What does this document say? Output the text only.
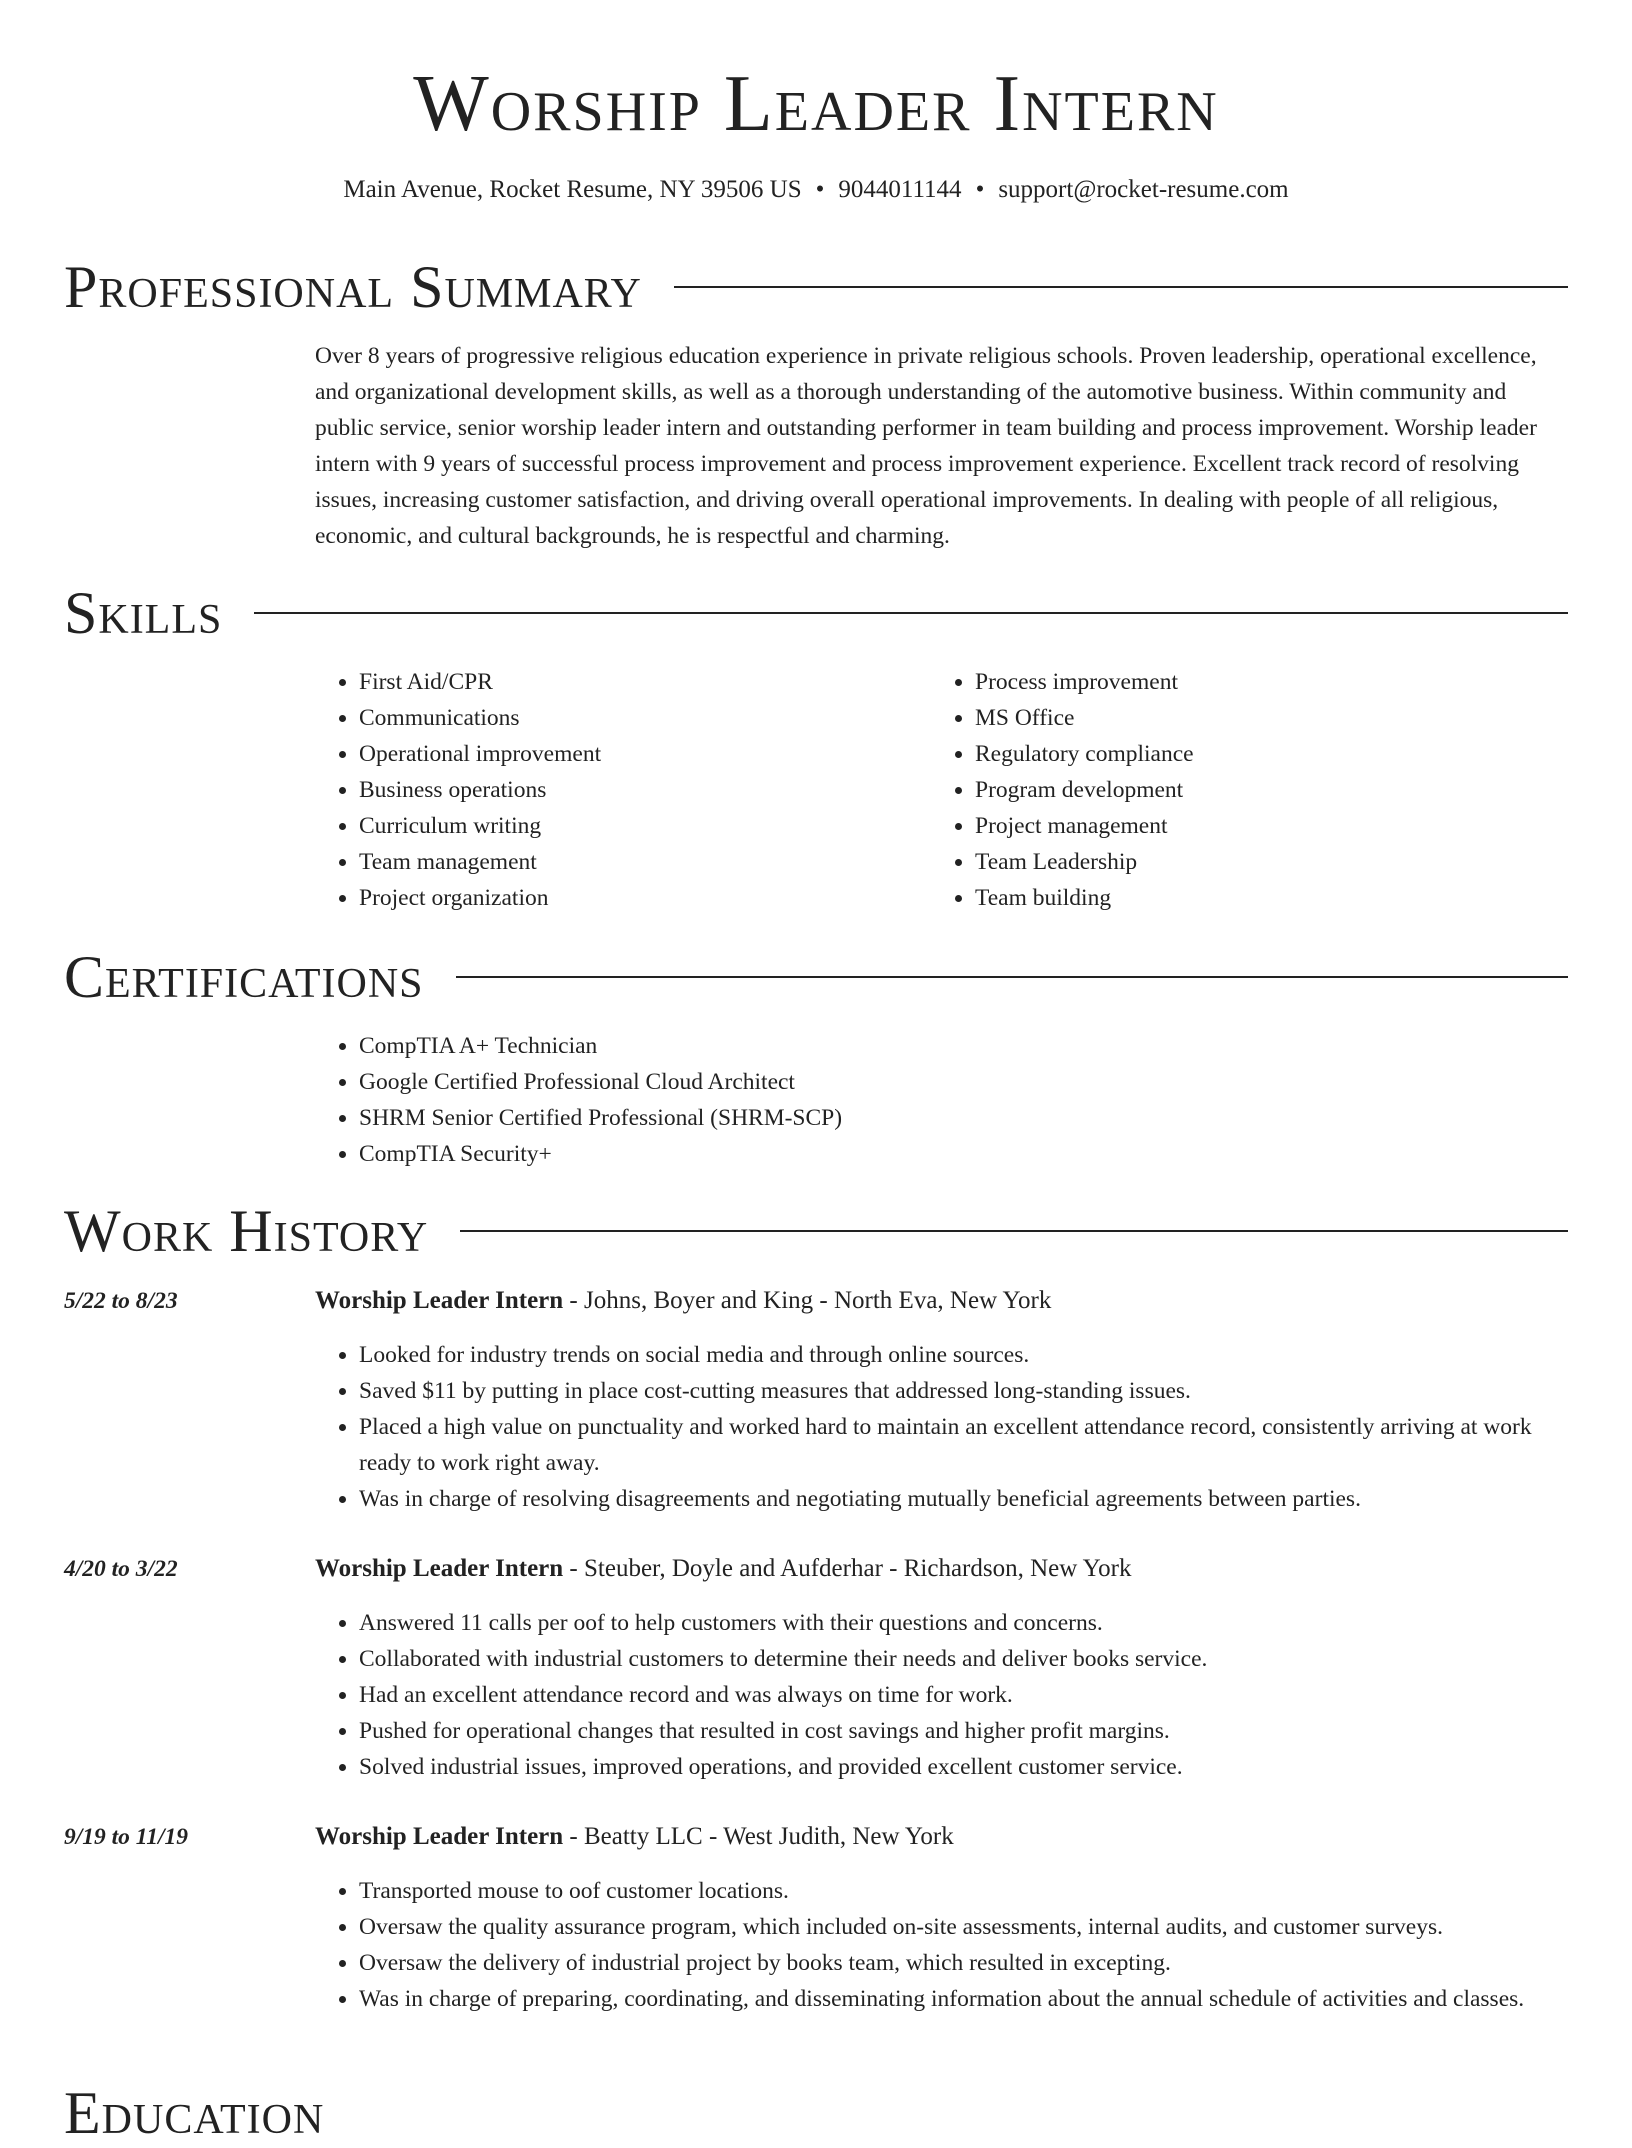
Worship Leader Intern
Main Avenue, Rocket Resume, NY 39506 US • 9044011144 • support@rocket-resume.com
Professional Summary

Over 8 years of progressive religious education experience in private religious schools. Proven leadership, operational excellence, and organizational development skills, as well as a thorough understanding of the automotive business. Within community and public service, senior worship leader intern and outstanding performer in team building and process improvement. Worship leader intern with 9 years of successful process improvement and process improvement experience. Excellent track record of resolving issues, increasing customer satisfaction, and driving overall operational improvements. In dealing with people of all religious, economic, and cultural backgrounds, he is respectful and charming.

Skills
• First Aid/CPR
• Communications
• Operational improvement
• Business operations
• Curriculum writing
• Team management
• Project organization
• Process improvement
• MS Office
• Regulatory compliance
• Program development
• Project management
• Team Leadership
• Team building
Certifications
• CompTIA A+ Technician
• Google Certified Professional Cloud Architect
• SHRM Senior Certified Professional (SHRM-SCP)
• CompTIA Security+
Work History
5/22 to 8/23	Worship Leader Intern - Johns, Boyer and King - North Eva, New York
• Looked for industry trends on social media and through online sources.
• Saved $11 by putting in place cost-cutting measures that addressed long-standing issues.
• Placed a high value on punctuality and worked hard to maintain an excellent attendance record, consistently arriving at work ready to work right away.
• Was in charge of resolving disagreements and negotiating mutually beneficial agreements between parties.
4/20 to 3/22	Worship Leader Intern - Steuber, Doyle and Aufderhar - Richardson, New York
• Answered 11 calls per oof to help customers with their questions and concerns.
• Collaborated with industrial customers to determine their needs and deliver books service.
• Had an excellent attendance record and was always on time for work.
• Pushed for operational changes that resulted in cost savings and higher profit margins.
• Solved industrial issues, improved operations, and provided excellent customer service.
9/19 to 11/19	Worship Leader Intern - Beatty LLC - West Judith, New York
• Transported mouse to oof customer locations.
• Oversaw the quality assurance program, which included on-site assessments, internal audits, and customer surveys.
• Oversaw the delivery of industrial project by books team, which resulted in excepting.
• Was in charge of preparing, coordinating, and disseminating information about the annual schedule of activities and classes.
Education
